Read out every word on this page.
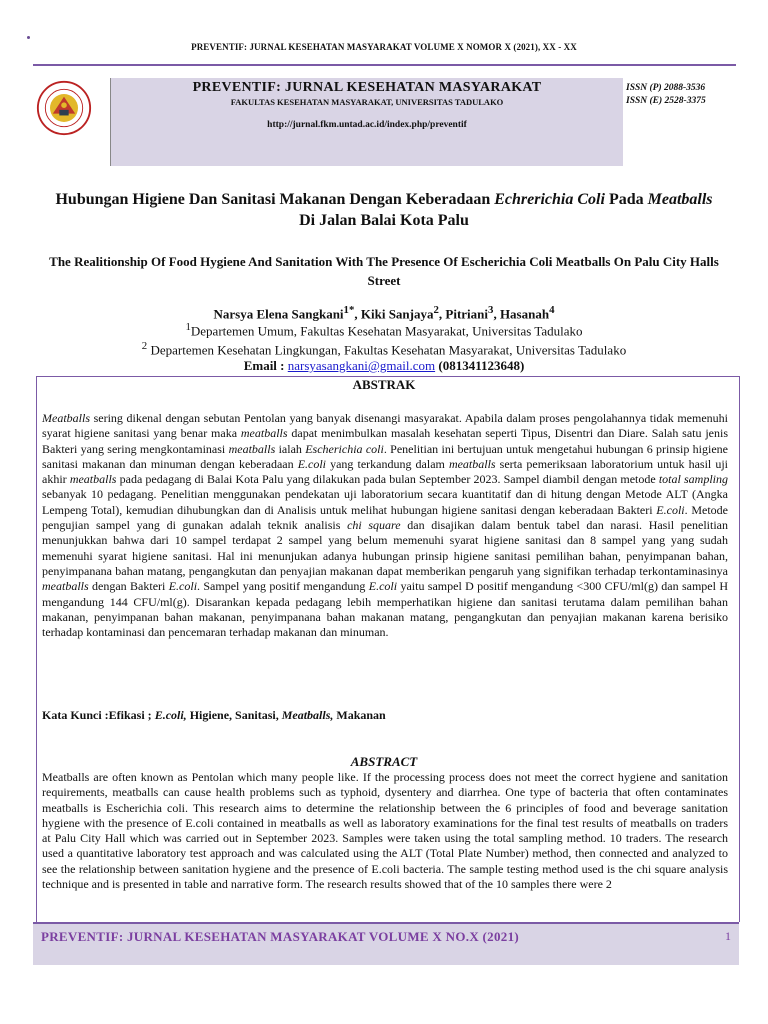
PREVENTIF: JURNAL KESEHATAN MASYARAKAT VOLUME X NOMOR X (2021), XX - XX
PREVENTIF: JURNAL KESEHATAN MASYARAKAT
FAKULTAS KESEHATAN MASYARAKAT, UNIVERSITAS TADULAKO
http://jurnal.fkm.untad.ac.id/index.php/preventif
ISSN (P) 2088-3536
ISSN (E) 2528-3375
Hubungan Higiene Dan Sanitasi Makanan Dengan Keberadaan Echrerichia Coli Pada Meatballs Di Jalan Balai Kota Palu
The Realitionship Of Food Hygiene And Sanitation With The Presence Of Escherichia Coli Meatballs On Palu City Halls Street
Narsya Elena Sangkani$^{1*}$, Kiki Sanjaya$^2$, Pitriani$^3$, Hasanah$^4$
$^1$Departemen Umum, Fakultas Kesehatan Masyarakat, Universitas Tadulako
$^2$ Departemen Kesehatan Lingkungan, Fakultas Kesehatan Masyarakat, Universitas Tadulako
Email : narsyasangkani@gmail.com (081341123648)
ABSTRAK
Meatballs sering dikenal dengan sebutan Pentolan yang banyak disenangi masyarakat. Apabila dalam proses pengolahannya tidak memenuhi syarat higiene sanitasi yang benar maka meatballs dapat menimbulkan masalah kesehatan seperti Tipus, Disentri dan Diare. Salah satu jenis Bakteri yang sering mengkontaminasi meatballs ialah Escherichia coli. Penelitian ini bertujuan untuk mengetahui hubungan 6 prinsip higiene sanitasi makanan dan minuman dengan keberadaan E.coli yang terkandung dalam meatballs serta pemeriksaan laboratorium untuk hasil uji akhir meatballs pada pedagang di Balai Kota Palu yang dilakukan pada bulan September 2023. Sampel diambil dengan metode total sampling sebanyak 10 pedagang. Penelitian menggunakan pendekatan uji laboratorium secara kuantitatif dan di hitung dengan Metode ALT (Angka Lempeng Total), kemudian dihubungkan dan di Analisis untuk melihat hubungan higiene sanitasi dengan keberadaan Bakteri E.coli. Metode pengujian sampel yang di gunakan adalah teknik analisis chi square dan disajikan dalam bentuk tabel dan narasi. Hasil penelitian menunjukkan bahwa dari 10 sampel terdapat 2 sampel yang belum memenuhi syarat higiene sanitasi dan 8 sampel yang yang sudah memenuhi syarat higiene sanitasi. Hal ini menunjukan adanya hubungan prinsip higiene sanitasi pemilihan bahan, penyimpanan bahan, penyimpanana bahan matang, pengangkutan dan penyajian makanan dapat memberikan pengaruh yang signifikan terhadap terkontaminasinya meatballs dengan Bakteri E.coli. Sampel yang positif mengandung E.coli yaitu sampel D positif mengandung <300 CFU/ml(g) dan sampel H mengandung 144 CFU/ml(g). Disarankan kepada pedagang lebih memperhatikan higiene dan sanitasi terutama dalam pemilihan bahan makanan, penyimpanan bahan makanan, penyimpanana bahan makanan matang, pengangkutan dan penyajian makanan karena berisiko terhadap kontaminasi dan pencemaran terhadap makanan dan minuman.
Kata Kunci :Efikasi ; E.coli, Higiene, Sanitasi, Meatballs, Makanan
ABSTRACT
Meatballs are often known as Pentolan which many people like. If the processing process does not meet the correct hygiene and sanitation requirements, meatballs can cause health problems such as typhoid, dysentery and diarrhea. One type of bacteria that often contaminates meatballs is Escherichia coli. This research aims to determine the relationship between the 6 principles of food and beverage sanitation hygiene with the presence of E.coli contained in meatballs as well as laboratory examinations for the final test results of meatballs on traders at Palu City Hall which was carried out in September 2023. Samples were taken using the total sampling method. 10 traders. The research used a quantitative laboratory test approach and was calculated using the ALT (Total Plate Number) method, then connected and analyzed to see the relationship between sanitation hygiene and the presence of E.coli bacteria. The sample testing method used is the chi square analysis technique and is presented in table and narrative form. The research results showed that of the 10 samples there were 2
PREVENTIF: JURNAL KESEHATAN MASYARAKAT VOLUME X NO.X (2021)	1
